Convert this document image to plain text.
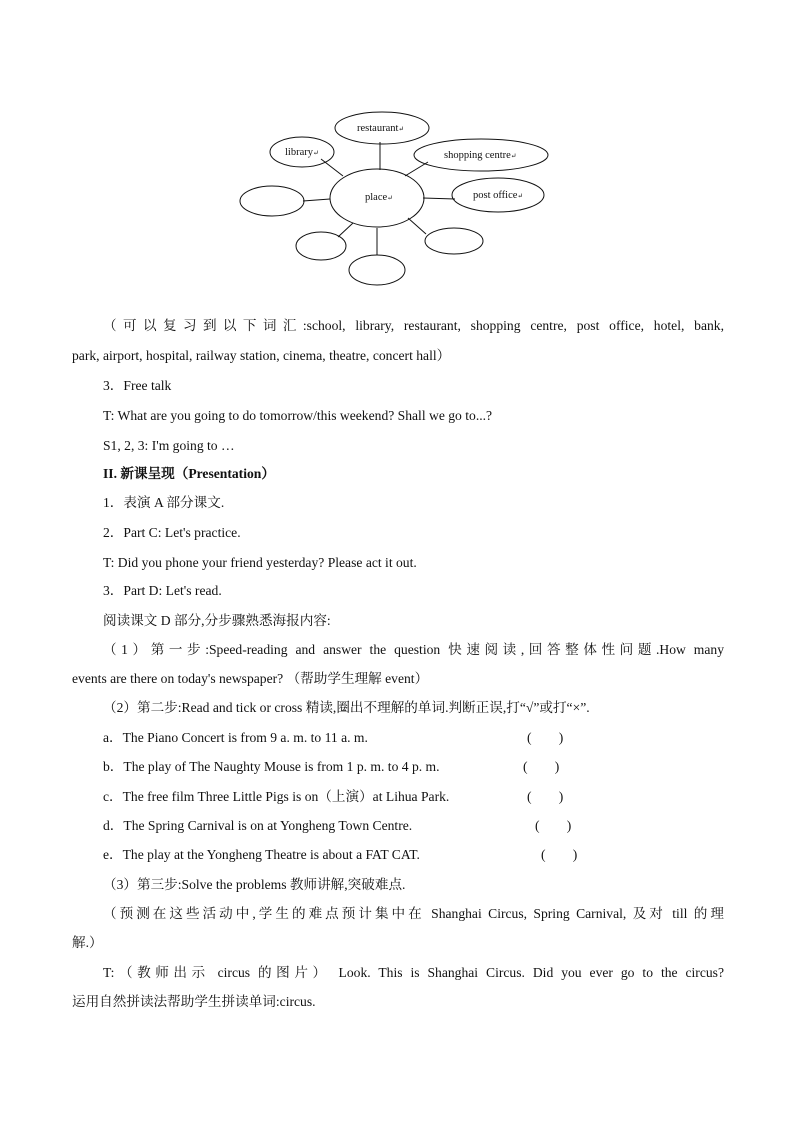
place↵
restaurant↵
library↵	shopping centre↵
post office↵
（可以复习到以下词汇:school, library, restaurant, shopping centre, post office, hotel, bank,
park, airport, hospital, railway station, cinema, theatre, concert hall）
3．Free talk
T: What are you going to do tomorrow/this weekend? Shall we go to...?
S1, 2, 3: I'm going to …
II. 新课呈现（Presentation）
1．表演 A 部分课文.
2．Part C: Let's practice.
T: Did you phone your friend yesterday? Please act it out.
3．Part D: Let's read.
阅读课文 D 部分,分步骤熟悉海报内容:
（1）第一步:Speed-reading and answer the question 快速阅读,回答整体性问题.How many
events are there on today's newspaper? （帮助学生理解 event）
（2）第二步:Read and tick or cross 精读,圈出不理解的单词.判断正误,打“√”或打“×”.
a．The Piano Concert is from 9 a. m. to 11 a. m.	(　　)
b．The play of The Naughty Mouse is from 1 p. m. to 4 p. m.	(　　)
c．The free film Three Little Pigs is on（上演）at Lihua Park.	(　　)
d．The Spring Carnival is on at Yongheng Town Centre.	(　　)
e．The play at the Yongheng Theatre is about a FAT CAT.	(　　)
（3）第三步:Solve the problems 教师讲解,突破难点.
（预测在这些活动中,学生的难点预计集中在 Shanghai Circus, Spring Carnival, 及对 till 的理
解.）
T:（教师出示 circus 的图片） Look. This is Shanghai Circus. Did you ever go to the circus?
运用自然拼读法帮助学生拼读单词:circus.
